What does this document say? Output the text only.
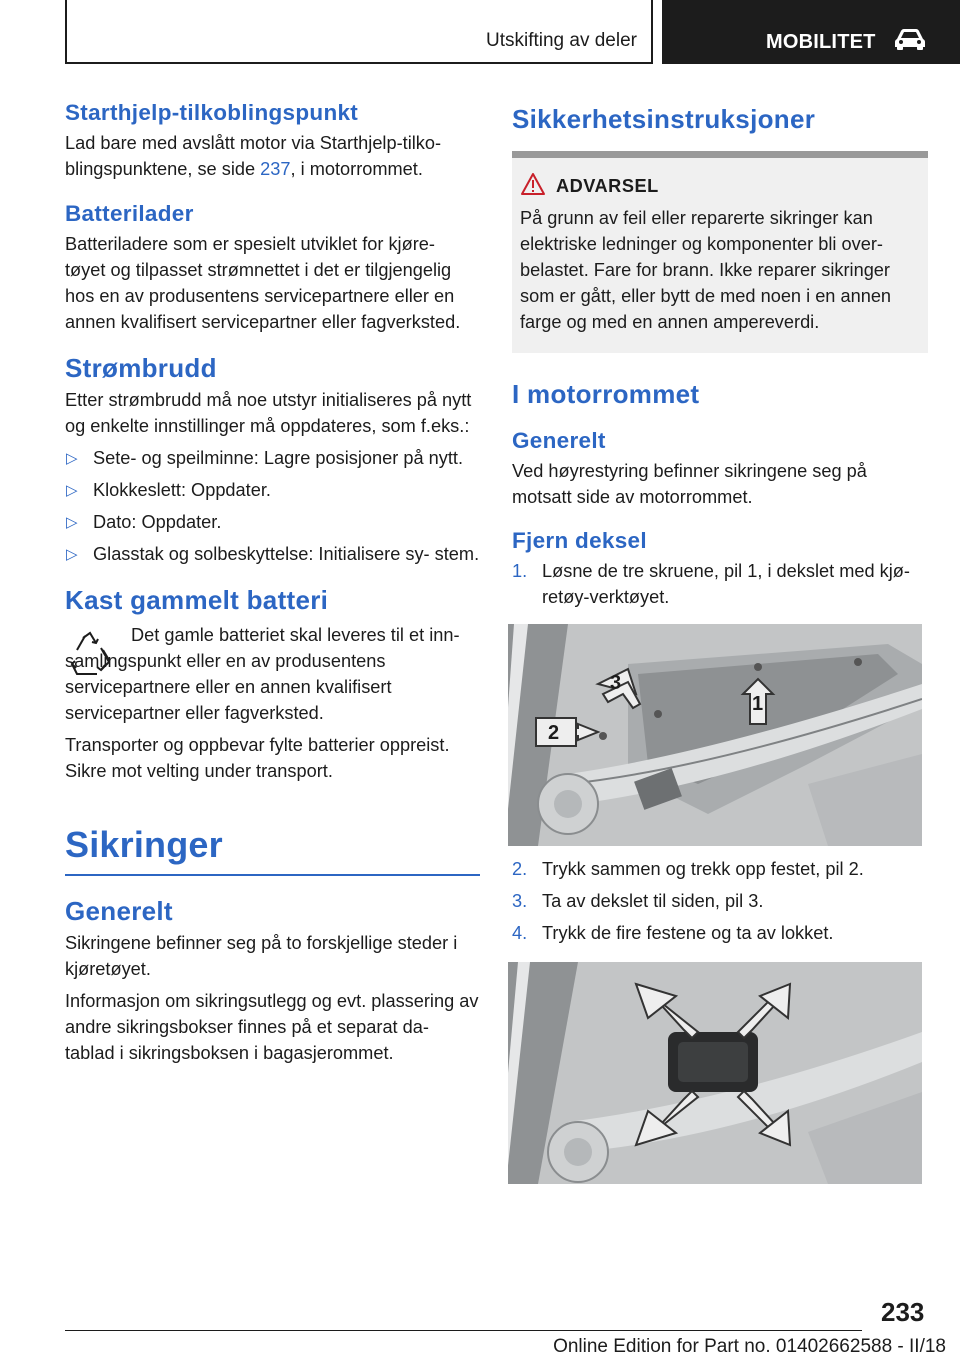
Utskifting av deler	MOBILITET
Starthjelp-tilkoblingspunkt

Lad bare med avslått motor via Starthjelp-tilko- blingspunktene, se side 237, i motorrommet.

Batterilader

Batteriladere som er spesielt utviklet for kjøre- tøyet og tilpasset strømnettet i det er tilgjengelig hos en av produsentens servicepartnere eller en annen kvalifisert servicepartner eller fagverksted.

Strømbrudd

Etter strømbrudd må noe utstyr initialiseres på nytt og enkelte innstillinger må oppdateres, som f.eks.:

▷ Sete- og speilminne: Lagre posisjoner på nytt.
▷ Klokkeslett: Oppdater.
▷ Dato: Oppdater.
▷ Glasstak og solbeskyttelse: Initialisere sy- stem.
Kast gammelt batteri

Det gamle batteriet skal leveres til et inn- samlingspunkt eller en av produsentens servicepartnere eller en annen kvalifisert servicepartner eller fagverksted.

Transporter og oppbevar fylte batterier oppreist. Sikre mot velting under transport.

Sikringer
Generelt

Sikringene befinner seg på to forskjellige steder i kjøretøyet.

Informasjon om sikringsutlegg og evt. plassering av andre sikringsbokser finnes på et separat da- tablad i sikringsboksen i bagasjerommet.

Sikkerhetsinstruksjoner
ADVARSEL

På grunn av feil eller reparerte sikringer kan elektriske ledninger og komponenter bli over- belastet. Fare for brann. Ikke reparer sikringer som er gått, eller bytt de med noen i en annen farge og med en annen ampereverdi.

I motorrommet
Generelt

Ved høyrestyring befinner sikringene seg på motsatt side av motorrommet.

Fjern deksel
1. Løsne de tre skruene, pil 1, i dekslet med kjø- retøy-verktøyet.
3
1
2
2. Trykk sammen og trekk opp festet, pil 2.
3. Ta av dekslet til siden, pil 3.
4. Trykk de fire festene og ta av lokket.
233
Online Edition for Part no. 01402662588 - II/18
